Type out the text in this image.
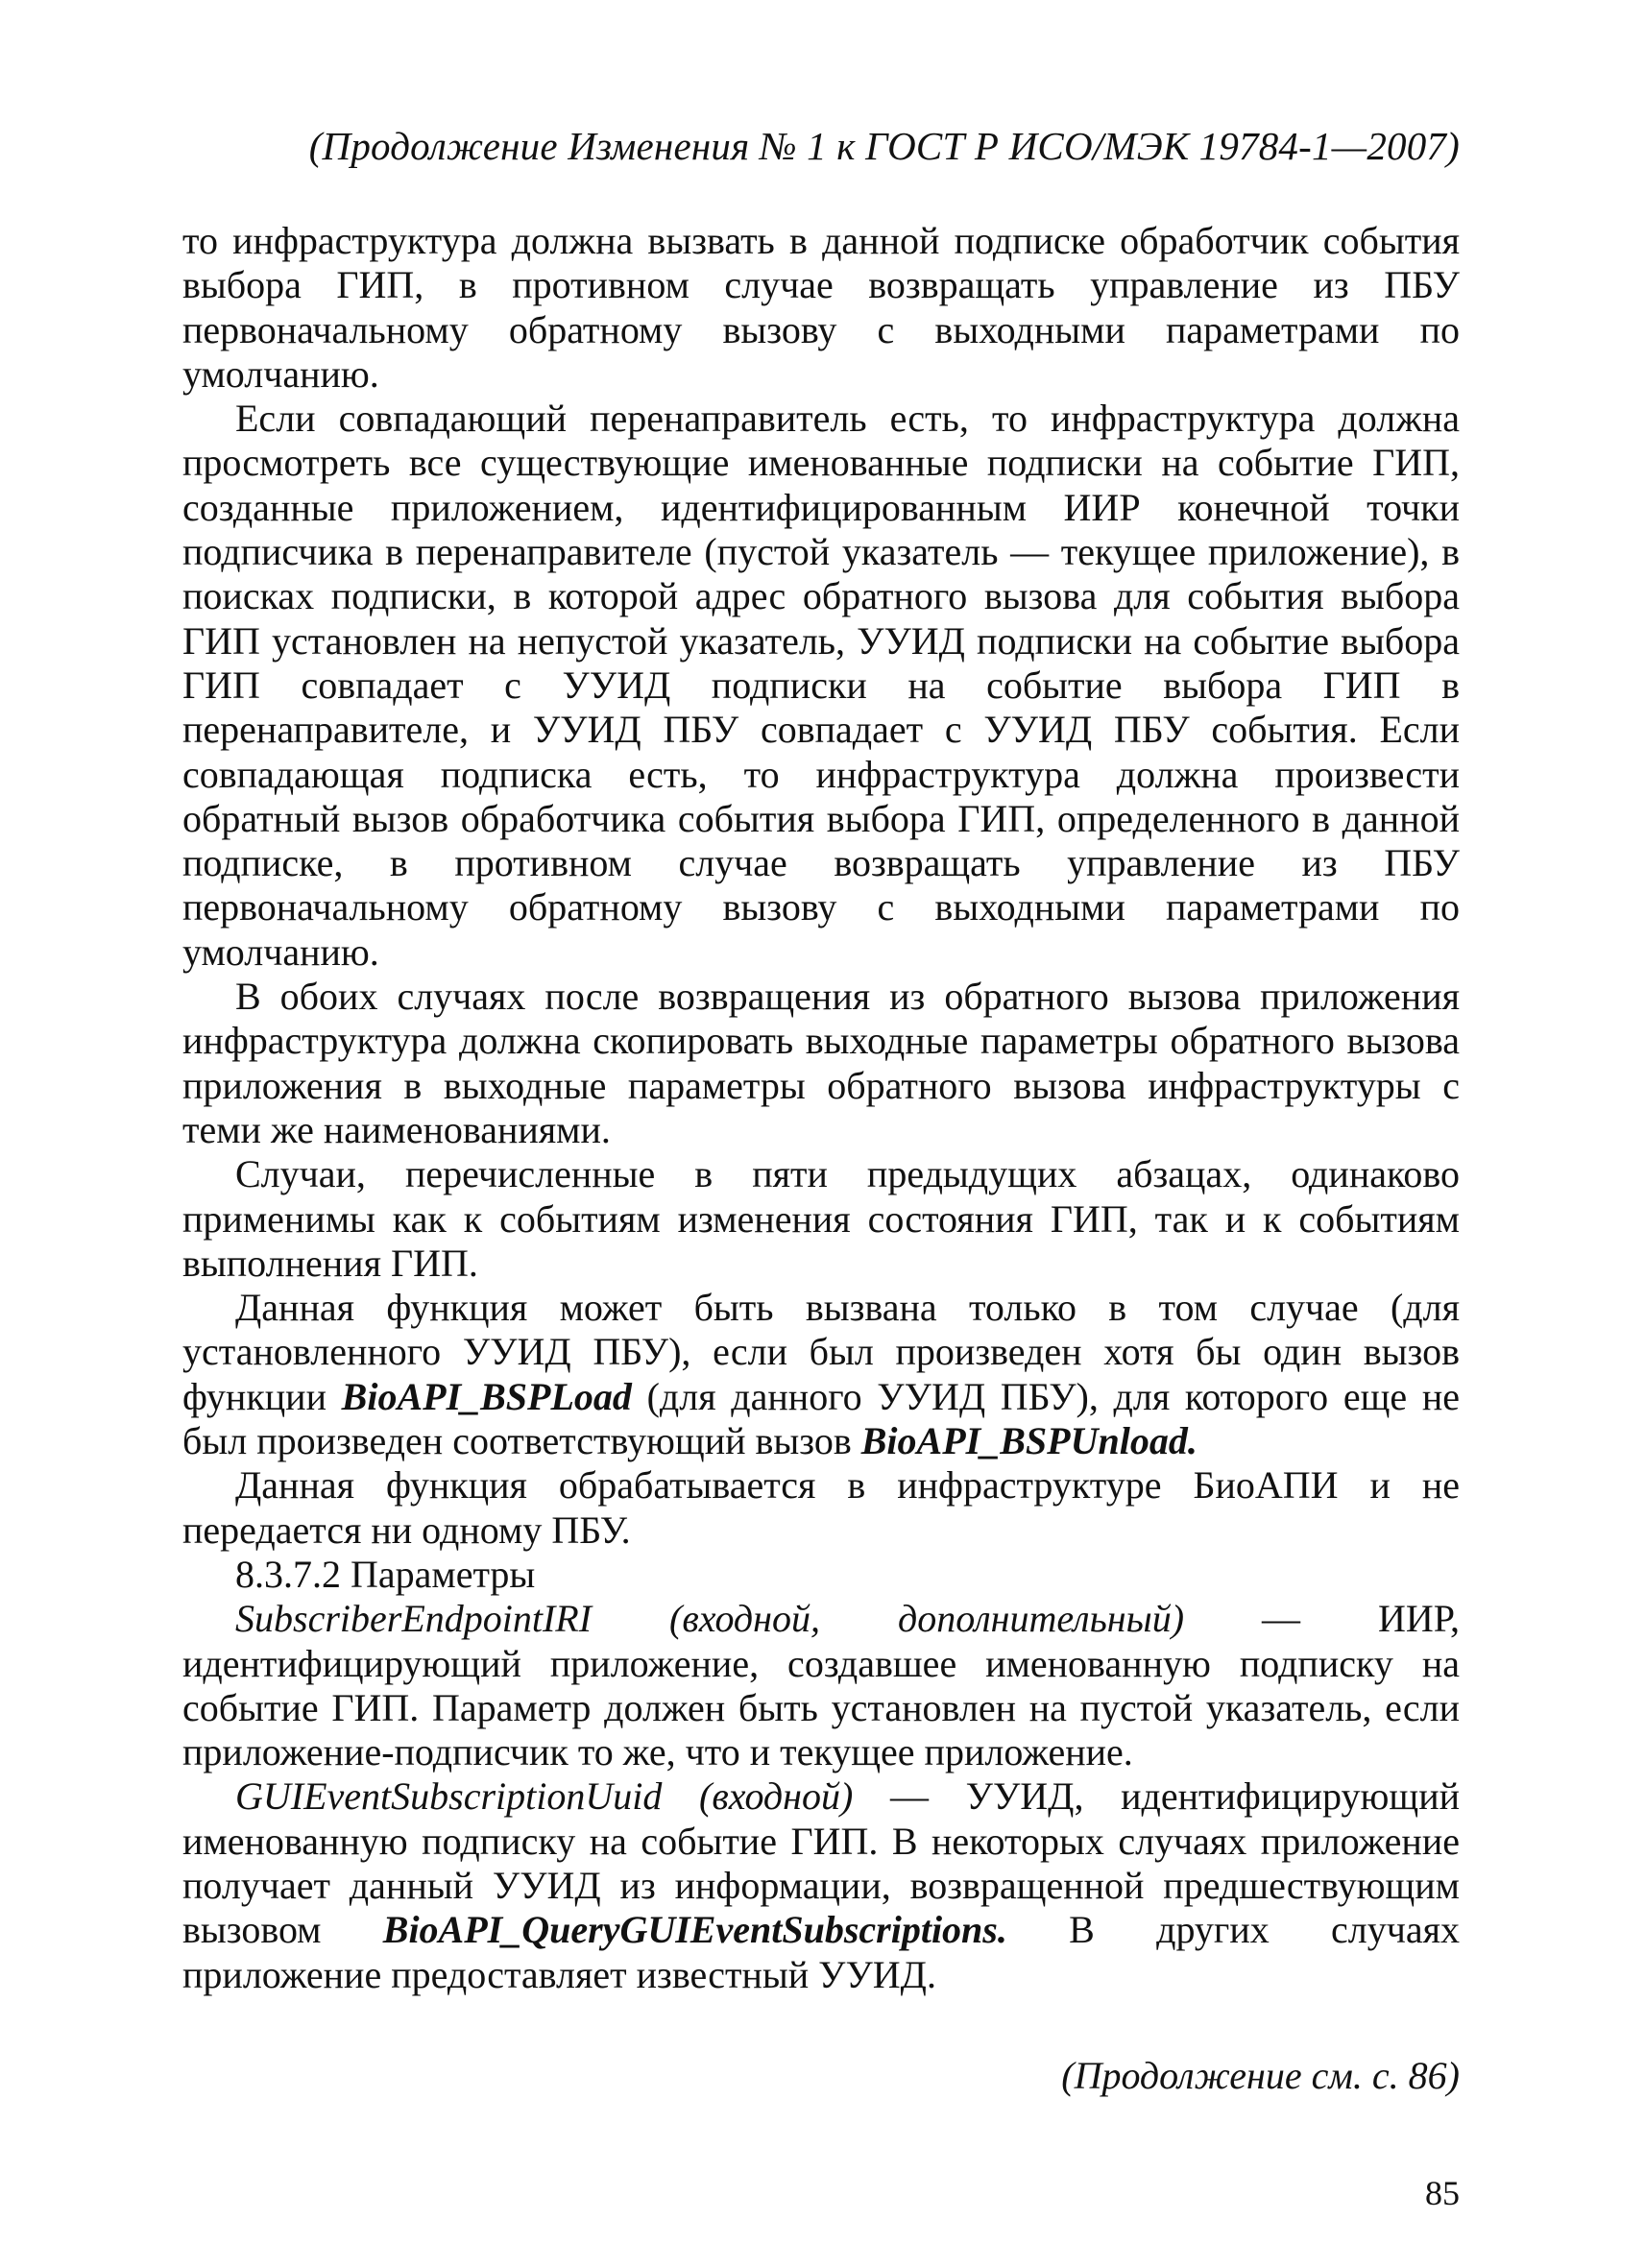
(Продолжение Изменения № 1 к ГОСТ Р ИСО/МЭК 19784-1—2007)

то инфраструктура должна вызвать в данной подписке обработчик события выбора ГИП, в противном случае возвращать управление из ПБУ первоначальному обратному вызову с выходными параметрами по умолчанию.

Если совпадающий перенаправитель есть, то инфраструктура должна просмотреть все существующие именованные подписки на событие ГИП, созданные приложением, идентифицированным ИИР конечной точки подписчика в перенаправителе (пустой указатель — текущее приложение), в поисках подписки, в которой адрес обратного вызова для события выбора ГИП установлен на непустой указатель, УУИД подписки на событие выбора ГИП совпадает с УУИД подписки на событие выбора ГИП в перенаправителе, и УУИД ПБУ совпадает с УУИД ПБУ события. Если совпадающая подписка есть, то инфраструктура должна произвести обратный вызов обработчика события выбора ГИП, определенного в данной подписке, в противном случае возвращать управление из ПБУ первоначальному обратному вызову с выходными параметрами по умолчанию.

В обоих случаях после возвращения из обратного вызова приложения инфраструктура должна скопировать выходные параметры обратного вызова приложения в выходные параметры обратного вызова инфраструктуры с теми же наименованиями.

Случаи, перечисленные в пяти предыдущих абзацах, одинаково применимы как к событиям изменения состояния ГИП, так и к событиям выполнения ГИП.

Данная функция может быть вызвана только в том случае (для установленного УУИД ПБУ), если был произведен хотя бы один вызов функции BioAPI_BSPLoad (для данного УУИД ПБУ), для которого еще не был произведен соответствующий вызов BioAPI_BSPUnload.

Данная функция обрабатывается в инфраструктуре БиоАПИ и не передается ни одному ПБУ.

8.3.7.2 Параметры

SubscriberEndpointIRI (входной, дополнительный) — ИИР, идентифицирующий приложение, создавшее именованную подписку на событие ГИП. Параметр должен быть установлен на пустой указатель, если приложение-подписчик то же, что и текущее приложение.

GUIEventSubscriptionUuid (входной) — УУИД, идентифицирующий именованную подписку на событие ГИП. В некоторых случаях приложение получает данный УУИД из информации, возвращенной предшествующим вызовом BioAPI_QueryGUIEventSubscriptions. В других случаях приложение предоставляет известный УУИД.

(Продолжение см. с. 86)
85
